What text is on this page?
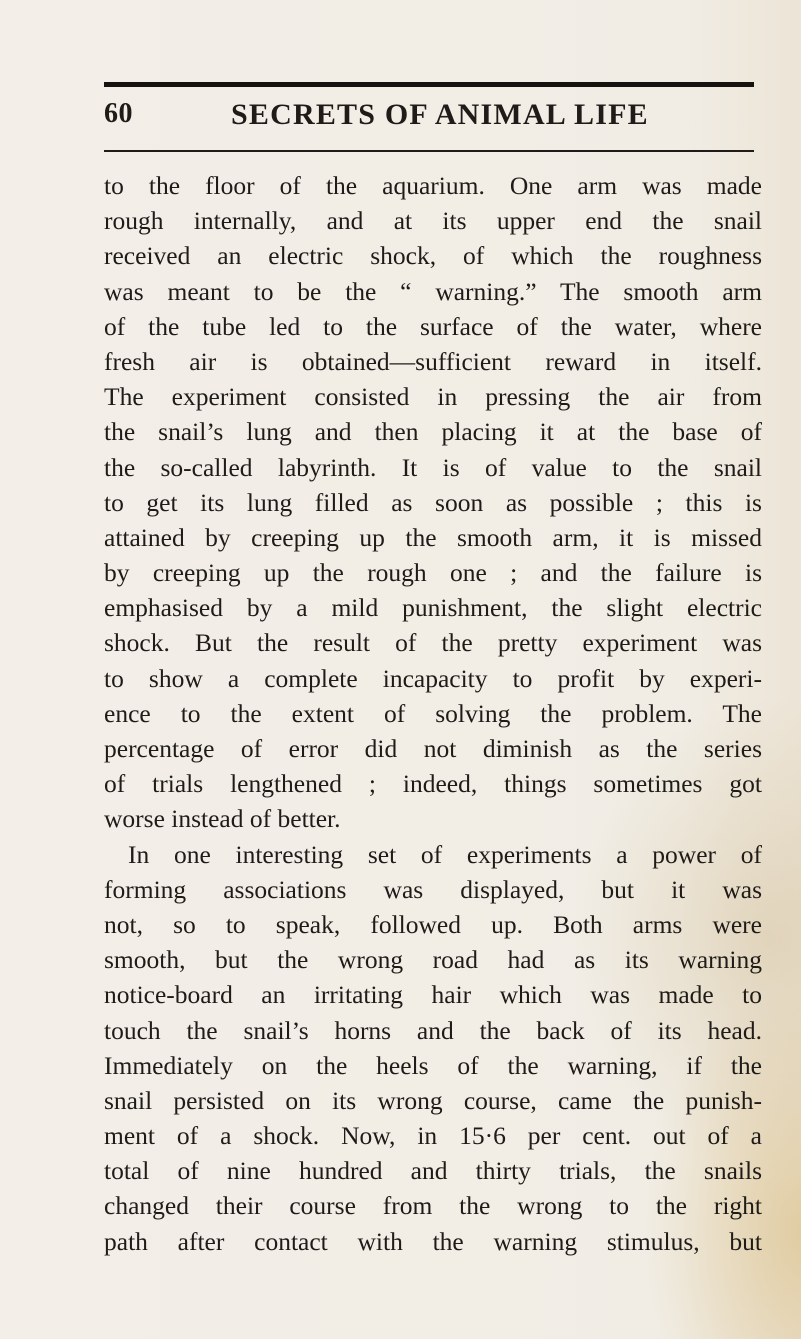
60	SECRETS OF ANIMAL LIFE
to the floor of the aquarium. One arm was made
rough internally, and at its upper end the snail
received an electric shock, of which the roughness
was meant to be the “ warning.” The smooth arm
of the tube led to the surface of the water, where
fresh air is obtained—sufficient reward in itself.
The experiment consisted in pressing the air from
the snail’s lung and then placing it at the base of
the so-called labyrinth. It is of value to the snail
to get its lung filled as soon as possible ; this is
attained by creeping up the smooth arm, it is missed
by creeping up the rough one ; and the failure is
emphasised by a mild punishment, the slight electric
shock. But the result of the pretty experiment was
to show a complete incapacity to profit by experi-
ence to the extent of solving the problem. The
percentage of error did not diminish as the series
of trials lengthened ; indeed, things sometimes got
worse instead of better.
In one interesting set of experiments a power of
forming associations was displayed, but it was
not, so to speak, followed up. Both arms were
smooth, but the wrong road had as its warning
notice-board an irritating hair which was made to
touch the snail’s horns and the back of its head.
Immediately on the heels of the warning, if the
snail persisted on its wrong course, came the punish-
ment of a shock. Now, in 15·6 per cent. out of a
total of nine hundred and thirty trials, the snails
changed their course from the wrong to the right
path after contact with the warning stimulus, but
